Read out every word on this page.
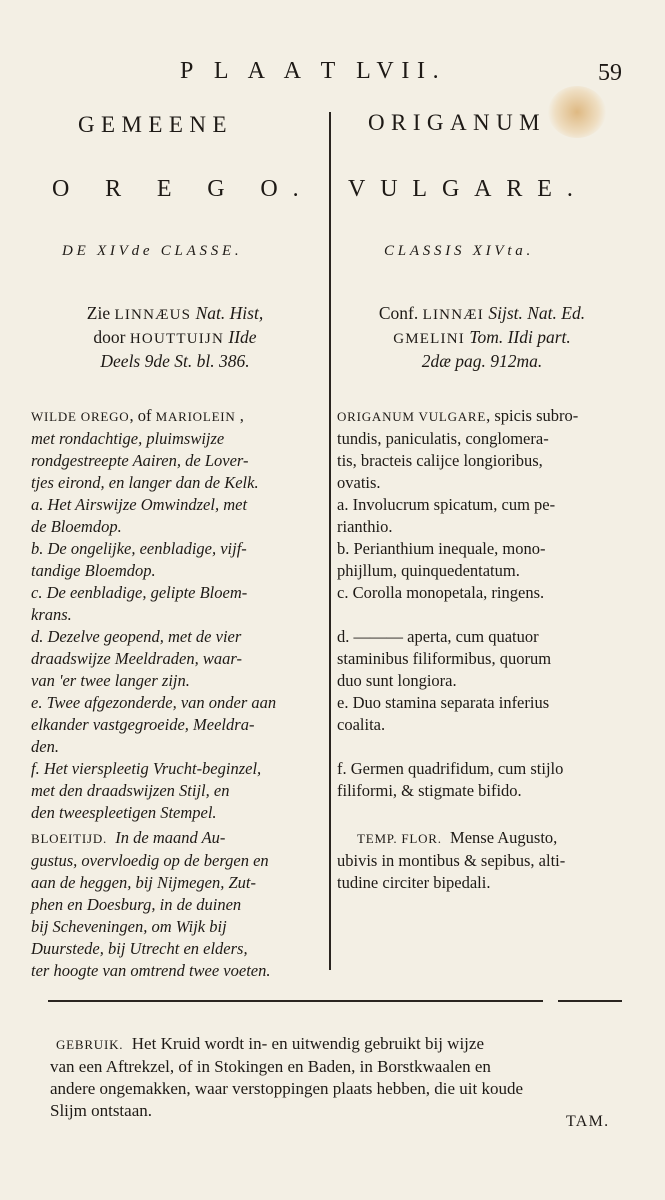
P L A A T LVII.	59
GEMEENE
O R E G O.
DE XIVde CLASSE.
ORIGANUM
VULGARE.
CLASSIS XIVta.
Zie LINNÆUS Nat. Hist,
door HOUTTUIJN IIde
Deels 9de St. bl. 386.
Conf. LINNÆI Sijst. Nat. Ed.
GMELINI Tom. IIdi part.
2dæ pag. 912ma.
WILDE OREGO, of MARIOLEIN ,
met rondachtige, pluimswijze
rondgestreepte Aairen, de Lover-
tjes eirond, en langer dan de Kelk.
a. Het Airswijze Omwindzel, met
de Bloemdop.
b. De ongelijke, eenbladige, vijf-
tandige Bloemdop.
c. De eenbladige, gelipte Bloem-
krans.
d. Dezelve geopend, met de vier
draadswijze Meeldraden, waar-
van 'er twee langer zijn.
e. Twee afgezonderde, van onder aan
elkander vastgegroeide, Meeldra-
den.
f. Het vierspleetig Vrucht-beginzel,
met den draadswijzen Stijl, en
den tweespleetigen Stempel.
ORIGANUM VULGARE, spicis subro-
tundis, paniculatis, conglomera-
tis, bracteis calijce longioribus,
ovatis.
a. Involucrum spicatum, cum pe-
rianthio.
b. Perianthium inequale, mono-
phijllum, quinquedentatum.
c. Corolla monopetala, ringens.

d. ——— aperta, cum quatuor
staminibus filiformibus, quorum
duo sunt longiora.
e. Duo stamina separata inferius
coalita.

f. Germen quadrifidum, cum stijlo
filiformi, & stigmate bifido.
BLOEITIJD. In de maand Au-
gustus, overvloedig op de bergen en
aan de heggen, bij Nijmegen, Zut-
phen en Doesburg, in de duinen
bij Scheveningen, om Wijk bij
Duurstede, bij Utrecht en elders,
ter hoogte van omtrend twee voeten.
TEMP. FLOR. Mense Augusto,
ubivis in montibus & sepibus, alti-
tudine circiter bipedali.
GEBRUIK. Het Kruid wordt in- en uitwendig gebruikt bij wijze
van een Aftrekzel, of in Stokingen en Baden, in Borstkwaalen en
andere ongemakken, waar verstoppingen plaats hebben, die uit koude
Slijm ontstaan.
TAM.
